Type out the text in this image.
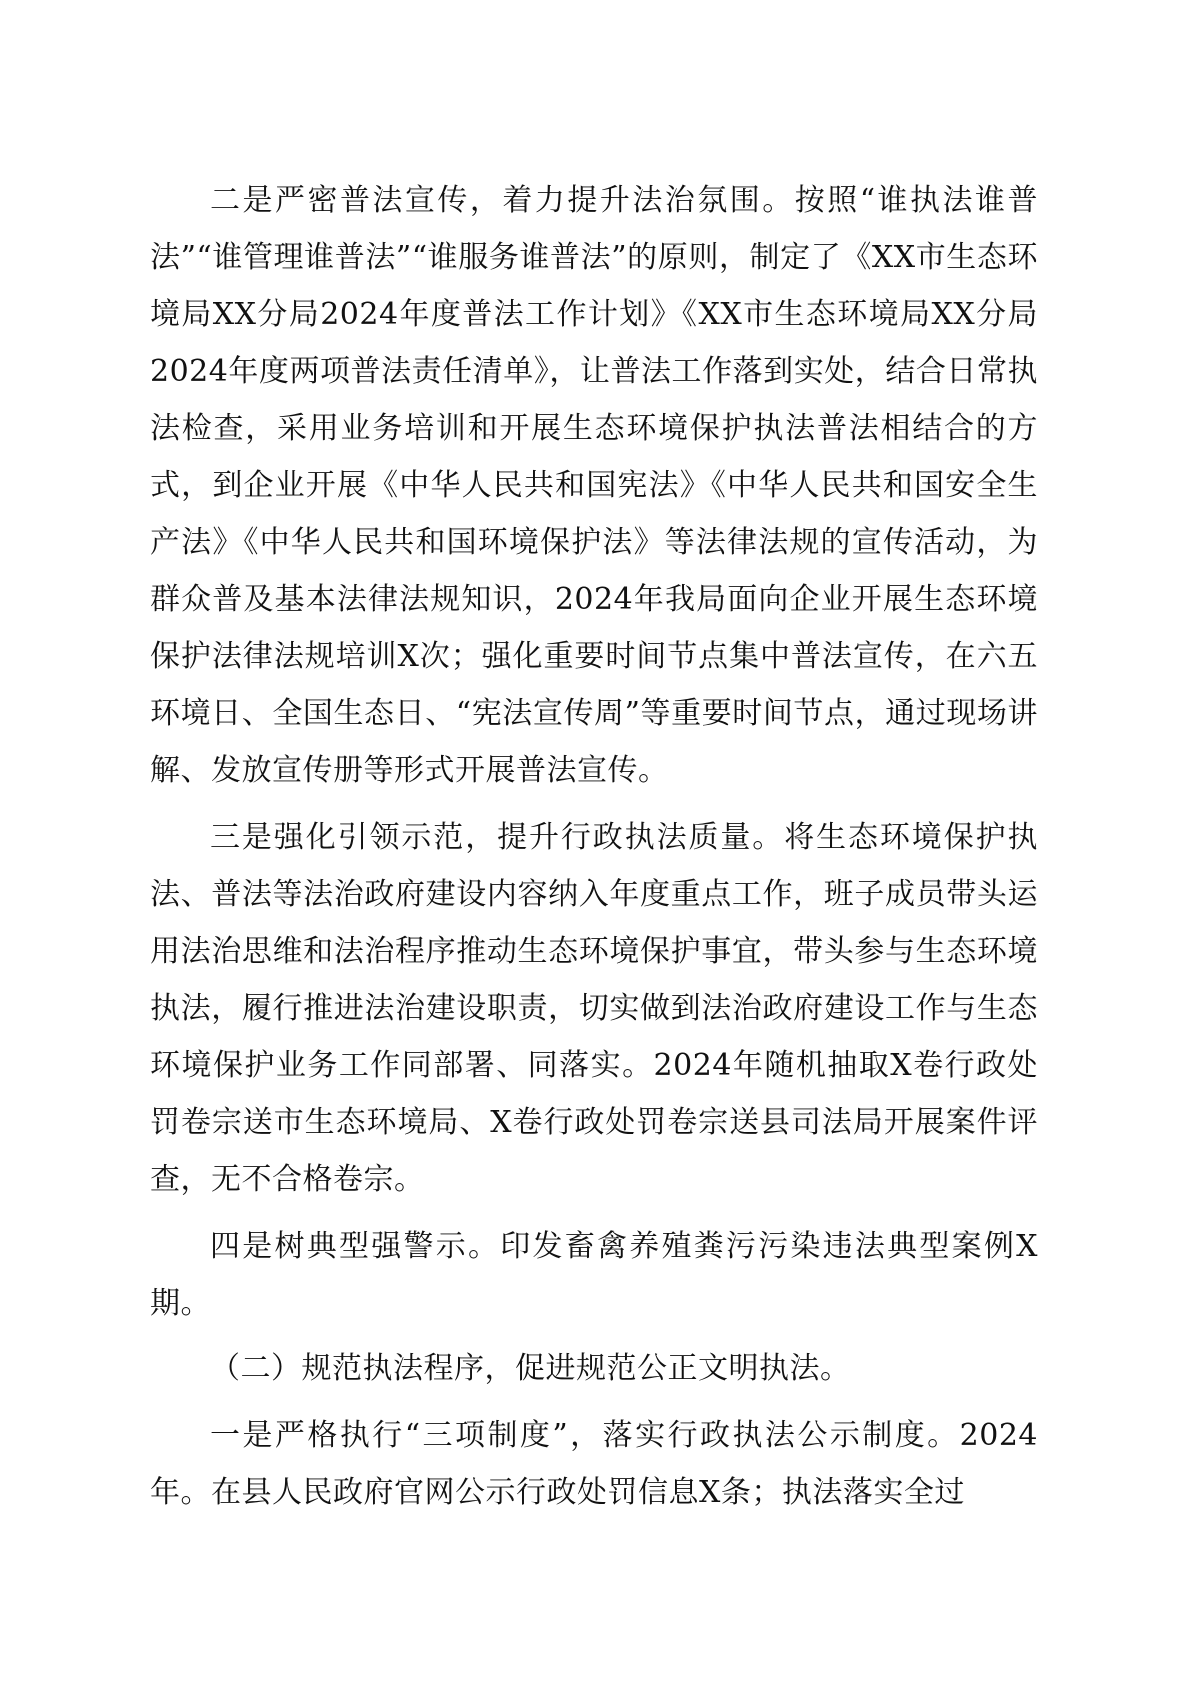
二是严密普法宣传，着力提升法治氛围。按照“谁执法谁普法”“谁管理谁普法”“谁服务谁普法”的原则，制定了《XX市生态环境局XX分局2024年度普法工作计划》《XX市生态环境局XX分局2024年度两项普法责任清单》，让普法工作落到实处，结合日常执法检查，采用业务培训和开展生态环境保护执法普法相结合的方式，到企业开展《中华人民共和国宪法》《中华人民共和国安全生产法》《中华人民共和国环境保护法》等法律法规的宣传活动，为群众普及基本法律法规知识，2024年我局面向企业开展生态环境保护法律法规培训X次；强化重要时间节点集中普法宣传，在六五环境日、全国生态日、“宪法宣传周”等重要时间节点，通过现场讲解、发放宣传册等形式开展普法宣传。

三是强化引领示范，提升行政执法质量。将生态环境保护执法、普法等法治政府建设内容纳入年度重点工作，班子成员带头运用法治思维和法治程序推动生态环境保护事宜，带头参与生态环境执法，履行推进法治建设职责，切实做到法治政府建设工作与生态环境保护业务工作同部署、同落实。2024年随机抽取X卷行政处罚卷宗送市生态环境局、X卷行政处罚卷宗送县司法局开展案件评查，无不合格卷宗。

四是树典型强警示。印发畜禽养殖粪污污染违法典型案例X期。

（二）规范执法程序，促进规范公正文明执法。

一是严格执行“三项制度”，落实行政执法公示制度。2024年。在县人民政府官网公示行政处罚信息X条；执法落实全过
